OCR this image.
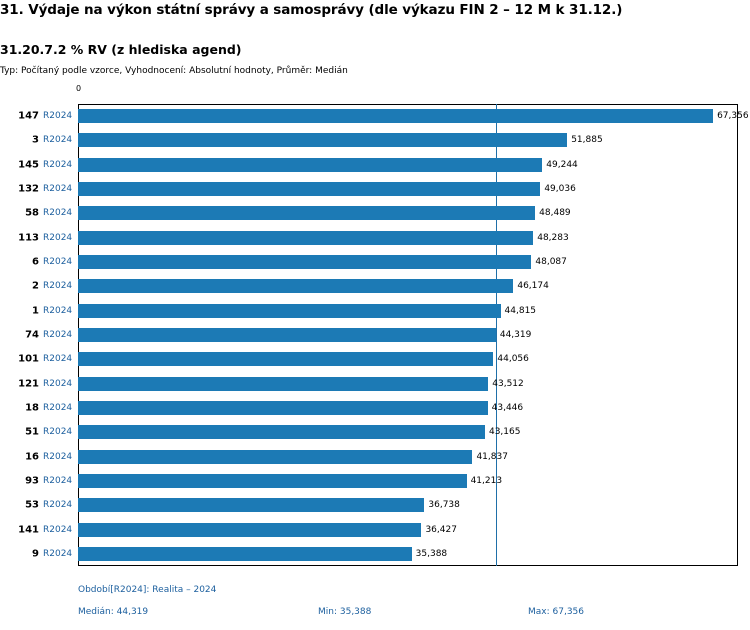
31. Výdaje na výkon státní správy a samosprávy (dle výkazu FIN 2 – 12 M k 31.12.)
31.20.7.2 % RV (z hlediska agend)
Typ: Počítaný podle vzorce, Vyhodnocení: Absolutní hodnoty, Průměr: Medián
0
147 R2024
3 R2024
145 R2024
132 R2024
58 R2024
113 R2024
6 R2024
2 R2024
1 R2024
74 R2024
101 R2024
121 R2024
18 R2024
51 R2024
16 R2024
93 R2024
53 R2024
141 R2024
9 R2024
67,356
51,885
49,244
49,036
48,489
48,283
48,087
46,174
44,815
44,319
44,056
43,512
43,446
43,165
41,837
41,213
36,738
36,427
35,388
Období[R2024]: Realita – 2024
Medián: 44,319	Min: 35,388	Max: 67,356
